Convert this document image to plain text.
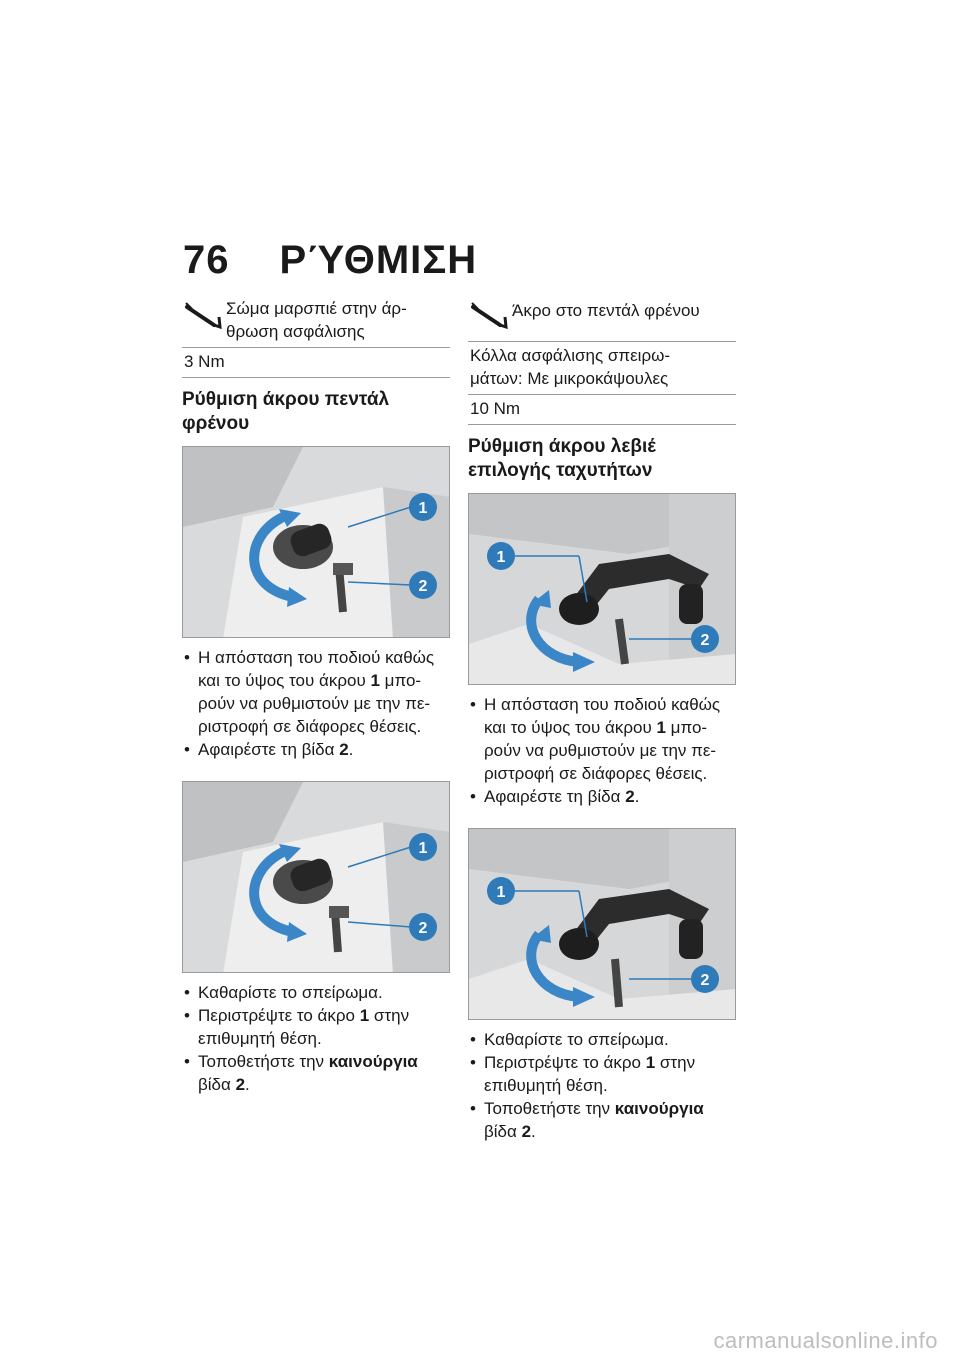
76 ΡΎΘΜΙΣΗ
Σώμα μαρσπιέ στην άρ-
θρωση ασφάλισης
3 Nm
Ρύθμιση άκρου πεντάλ
φρένου
1
2
• Η απόσταση του ποδιού καθώς
και το ύψος του άκρου 1 μπο-
ρούν να ρυθμιστούν με την πε-
ριστροφή σε διάφορες θέσεις.
• Αφαιρέστε τη βίδα 2.
1
2
• Καθαρίστε το σπείρωμα.
• Περιστρέψτε το άκρο 1 στην
επιθυμητή θέση.
• Τοποθετήστε την καινούργια
βίδα 2.
Άκρο στο πεντάλ φρένου
Κόλλα ασφάλισης σπειρω-
μάτων: Με μικροκάψουλες
10 Nm
Ρύθμιση άκρου λεβιέ
επιλογής ταχυτήτων
1
2
• Η απόσταση του ποδιού καθώς
και το ύψος του άκρου 1 μπο-
ρούν να ρυθμιστούν με την πε-
ριστροφή σε διάφορες θέσεις.
• Αφαιρέστε τη βίδα 2.
1
2
• Καθαρίστε το σπείρωμα.
• Περιστρέψτε το άκρο 1 στην
επιθυμητή θέση.
• Τοποθετήστε την καινούργια
βίδα 2.
carmanualsonline.info
